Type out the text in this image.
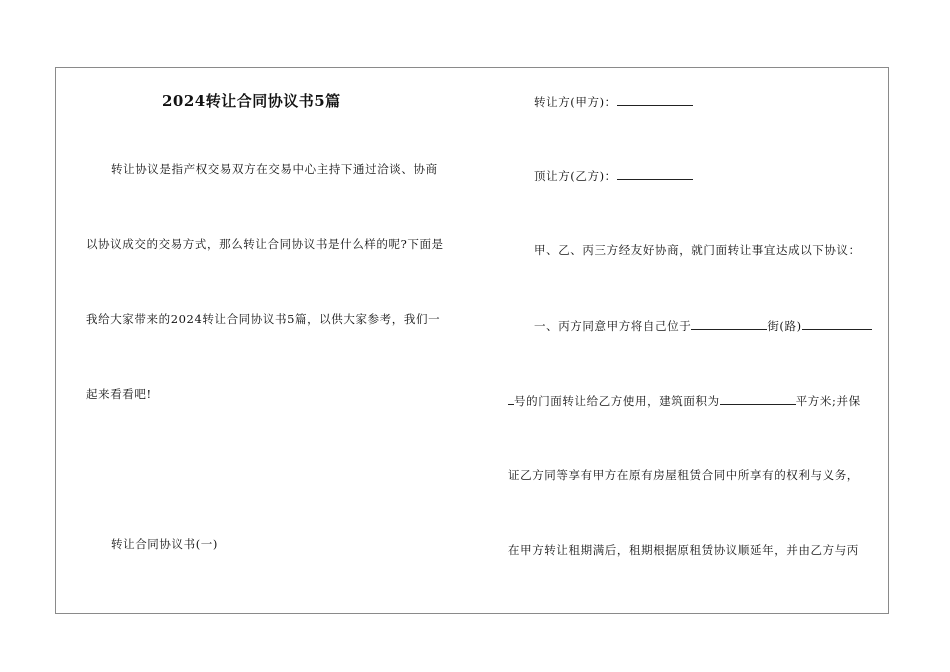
2024转让合同协议书5篇
转让协议是指产权交易双方在交易中心主持下通过洽谈、协商
以协议成交的交易方式，那么转让合同协议书是什么样的呢?下面是
我给大家带来的2024转让合同协议书5篇，以供大家参考，我们一
起来看看吧!
转让合同协议书(一)
转让方(甲方)：
顶让方(乙方)：
甲、乙、丙三方经友好协商，就门面转让事宜达成以下协议：
一、丙方同意甲方将自己位于	街(路)
号的门面转让给乙方使用，建筑面积为	平方米;并保
证乙方同等享有甲方在原有房屋租赁合同中所享有的权利与义务，
在甲方转让租期满后，租期根据原租赁协议顺延年，并由乙方与丙
